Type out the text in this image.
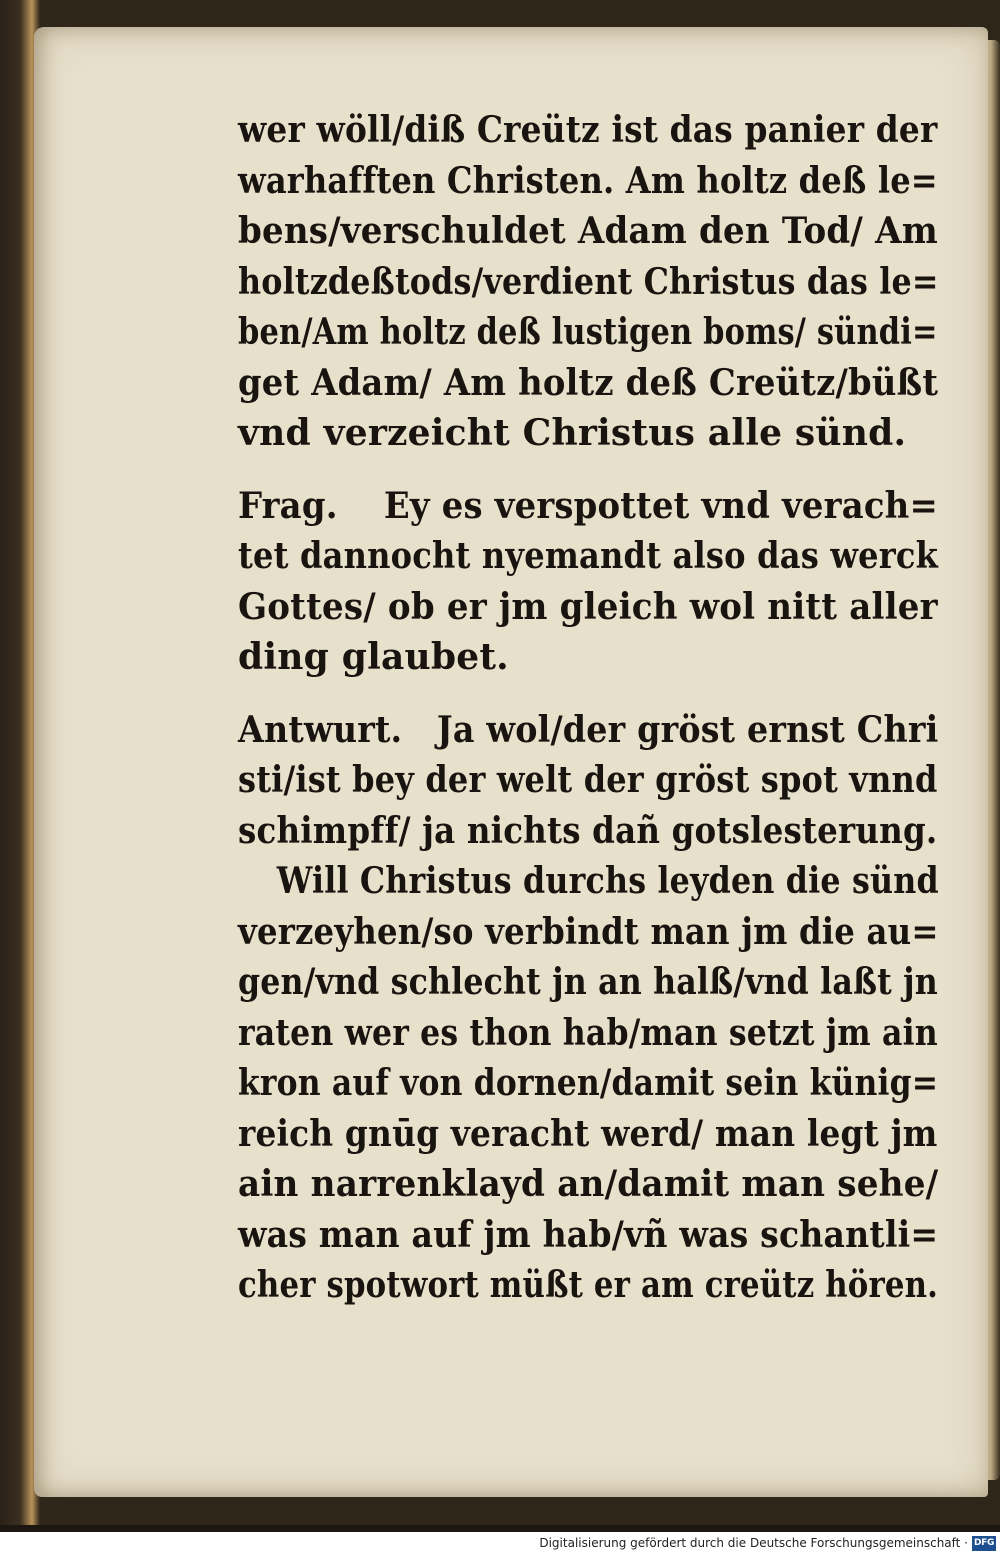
wer wöll/diß Creütz ist das panier der
warhafften Christen. Am holtz deß le=
bens/verschuldet Adam den Tod/ Am
holtzdeßtods/verdient Christus das le=
ben/Am holtz deß lustigen boms/ sündi=
get Adam/ Am holtz deß Creütz/büßt
vnd verzeicht Christus alle sünd.
Frag. Ey es verspottet vnd verach=
tet dannocht nyemandt also das werck
Gottes/ ob er jm gleich wol nitt aller
ding glaubet.
Antwurt. Ja wol/der gröst ernst Chri
sti/ist bey der welt der gröst spot vnnd
schimpff/ ja nichts dañ gotslesterung.
Will Christus durchs leyden die sünd
verzeyhen/so verbindt man jm die au=
gen/vnd schlecht jn an halß/vnd laßt jn
raten wer es thon hab/man setzt jm ain
kron auf von dornen/damit sein künig=
reich gnūg veracht werd/ man legt jm
ain narrenklayd an/damit man sehe/
was man auf jm hab/vñ was schantli=
cher spotwort müßt er am creütz hören.
Digitalisierung gefördert durch die Deutsche Forschungsgemeinschaft · DFG
